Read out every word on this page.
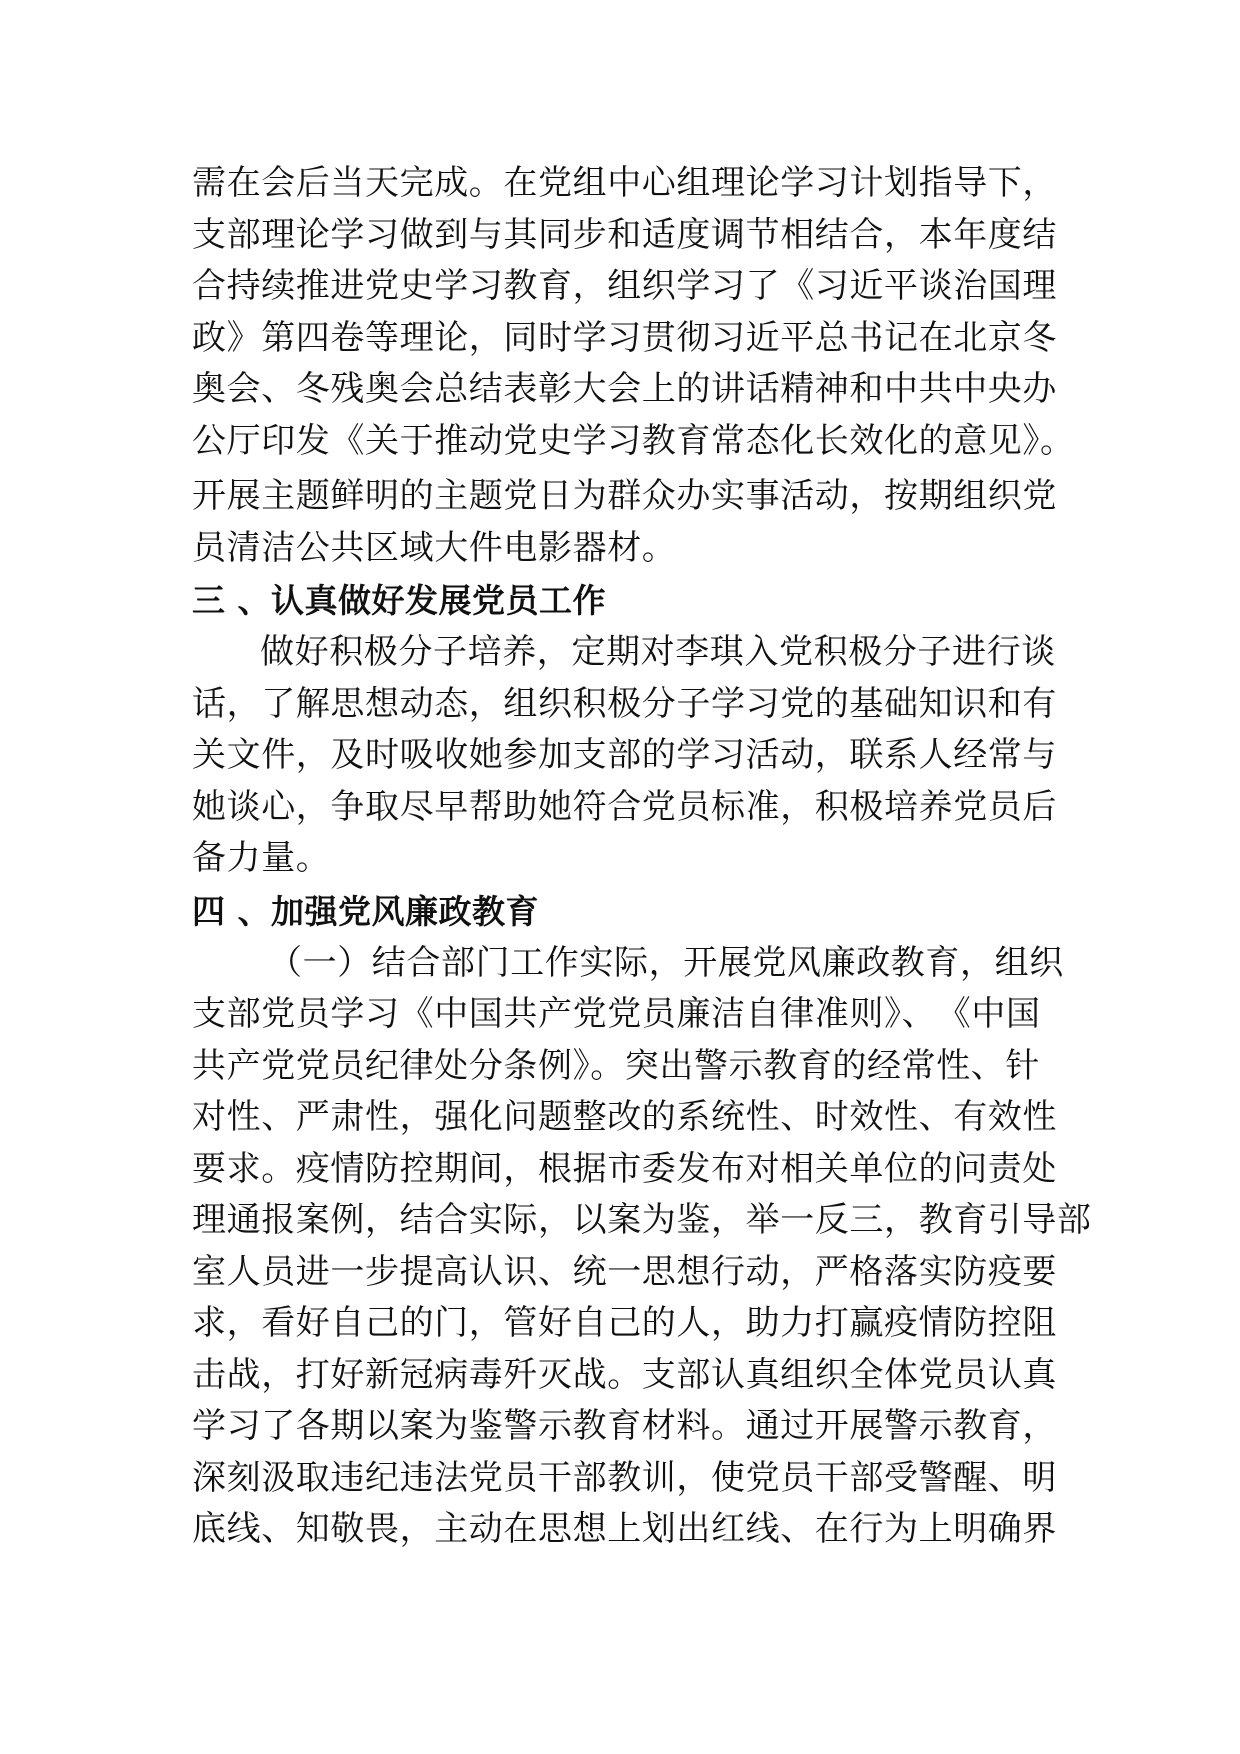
需在会后当天完成。在党组中心组理论学习计划指导下，
支部理论学习做到与其同步和适度调节相结合，本年度结
合持续推进党史学习教育，组织学习了《习近平谈治国理
政》第四卷等理论，同时学习贯彻习近平总书记在北京冬
奥会、冬残奥会总结表彰大会上的讲话精神和中共中央办
公厅印发《关于推动党史学习教育常态化长效化的意见》。
开展主题鲜明的主题党日为群众办实事活动，按期组织党
员清洁公共区域大件电影器材。
三 、认真做好发展党员工作
做好积极分子培养，定期对李琪入党积极分子进行谈
话，了解思想动态，组织积极分子学习党的基础知识和有
关文件，及时吸收她参加支部的学习活动，联系人经常与
她谈心，争取尽早帮助她符合党员标准，积极培养党员后
备力量。
四 、加强党风廉政教育
（一）结合部门工作实际，开展党风廉政教育，组织
支部党员学习《中国共产党党员廉洁自律准则》、　《中国
共产党党员纪律处分条例》。突出警示教育的经常性、针
对性、严肃性，强化问题整改的系统性、时效性、有效性
要求。疫情防控期间，根据市委发布对相关单位的问责处
理通报案例，结合实际，以案为鉴，举一反三，教育引导部
室人员进一步提高认识、统一思想行动，严格落实防疫要
求，看好自己的门，管好自己的人，助力打赢疫情防控阻
击战，打好新冠病毒歼灭战。支部认真组织全体党员认真
学习了各期以案为鉴警示教育材料。通过开展警示教育，
深刻汲取违纪违法党员干部教训，使党员干部受警醒、明
底线、知敬畏，主动在思想上划出红线、在行为上明确界
